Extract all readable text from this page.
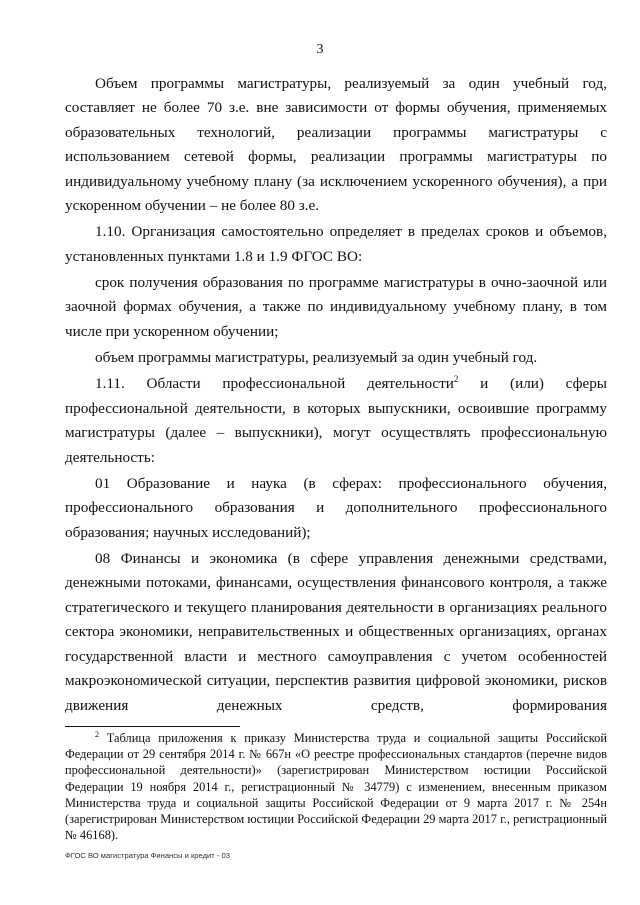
3

Объем программы магистратуры, реализуемый за один учебный год, составляет не более 70 з.е. вне зависимости от формы обучения, применяемых образовательных технологий, реализации программы магистратуры с использованием сетевой формы, реализации программы магистратуры по индивидуальному учебному плану (за исключением ускоренного обучения), а при ускоренном обучении – не более 80 з.е.

1.10. Организация самостоятельно определяет в пределах сроков и объемов, установленных пунктами 1.8 и 1.9 ФГОС ВО:

срок получения образования по программе магистратуры в очно-заочной или заочной формах обучения, а также по индивидуальному учебному плану, в том числе при ускоренном обучении;

объем программы магистратуры, реализуемый за один учебный год.

1.11. Области профессиональной деятельности$^2$ и (или) сферы профессиональной деятельности, в которых выпускники, освоившие программу магистратуры (далее – выпускники), могут осуществлять профессиональную деятельность:

01 Образование и наука (в сферах: профессионального обучения, профессионального образования и дополнительного профессионального образования; научных исследований);

08 Финансы и экономика (в сфере управления денежными средствами, денежными потоками, финансами, осуществления финансового контроля, а также стратегического и текущего планирования деятельности в организациях реального сектора экономики, неправительственных и общественных организациях, органах государственной власти и местного самоуправления с учетом особенностей макроэкономической ситуации, перспектив развития цифровой экономики, рисков движения денежных средств, формирования

$^2$ Таблица приложения к приказу Министерства труда и социальной защиты Российской Федерации от 29 сентября 2014 г. № 667н «О реестре профессиональных стандартов (перечне видов профессиональной деятельности)» (зарегистрирован Министерством юстиции Российской Федерации 19 ноября 2014 г., регистрационный № 34779) с изменением, внесенным приказом Министерства труда и социальной защиты Российской Федерации от 9 марта 2017 г. № 254н (зарегистрирован Министерством юстиции Российской Федерации 29 марта 2017 г., регистрационный № 46168).

ФГОС ВО магистратура Финансы и кредит - 03
